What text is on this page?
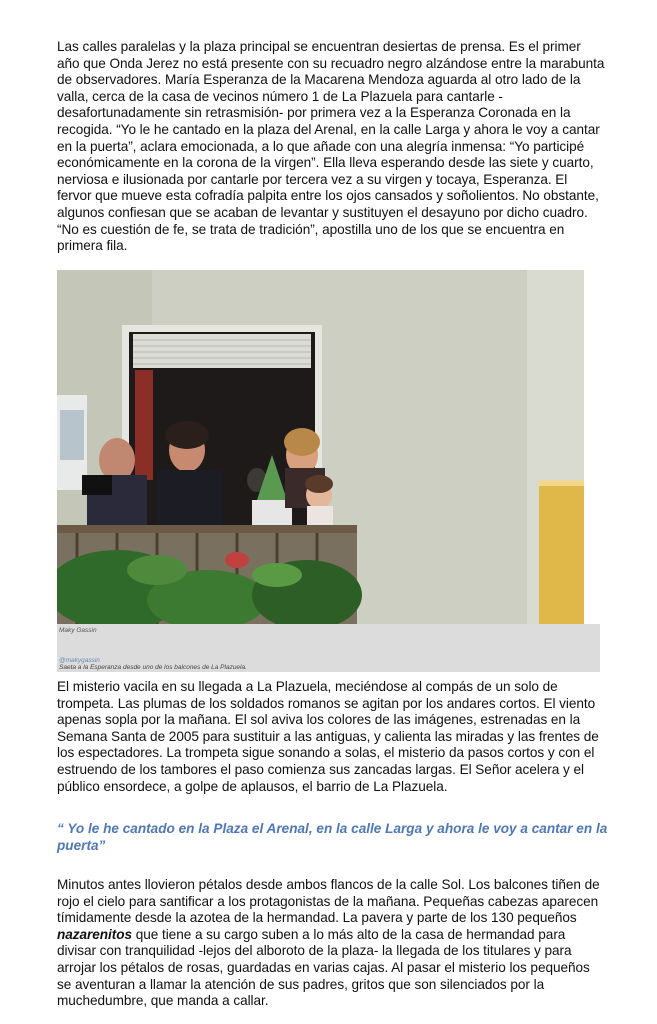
Las calles paralelas y la plaza principal se encuentran desiertas de prensa. Es el primer año que Onda Jerez no está presente con su recuadro negro alzándose entre la marabunta de observadores. María Esperanza de la Macarena Mendoza aguarda al otro lado de la valla, cerca de la casa de vecinos número 1 de La Plazuela para cantarle -desafortunadamente sin retrasmisión- por primera vez a la Esperanza Coronada en la recogida. “Yo le he cantado en la plaza del Arenal, en la calle Larga y ahora le voy a cantar en la puerta”, aclara emocionada, a lo que añade con una alegría inmensa: “Yo participé económicamente en la corona de la virgen”. Ella lleva esperando desde las siete y cuarto, nerviosa e ilusionada por cantarle por tercera vez a su virgen y tocaya, Esperanza. El fervor que mueve esta cofradía palpita entre los ojos cansados y soñolientos. No obstante, algunos confiesan que se acaban de levantar y sustituyen el desayuno por dicho cuadro. “No es cuestión de fe, se trata de tradición”, apostilla uno de los que se encuentra en primera fila.

Maky Gassin
@makygassin
Saeta a la Esperanza desde uno de los balcones de La Plazuela.

El misterio vacila en su llegada a La Plazuela, meciéndose al compás de un solo de trompeta. Las plumas de los soldados romanos se agitan por los andares cortos. El viento apenas sopla por la mañana. El sol aviva los colores de las imágenes, estrenadas en la Semana Santa de 2005 para sustituir a las antiguas, y calienta las miradas y las frentes de los espectadores. La trompeta sigue sonando a solas, el misterio da pasos cortos y con el estruendo de los tambores el paso comienza sus zancadas largas. El Señor acelera y el público ensordece, a golpe de aplausos, el barrio de La Plazuela.

“ Yo le he cantado en la Plaza el Arenal, en la calle Larga y ahora le voy a cantar en la puerta”

Minutos antes llovieron pétalos desde ambos flancos de la calle Sol. Los balcones tiñen de rojo el cielo para santificar a los protagonistas de la mañana. Pequeñas cabezas aparecen tímidamente desde la azotea de la hermandad. La pavera y parte de los 130 pequeños nazarenitos que tiene a su cargo suben a lo más alto de la casa de hermandad para divisar con tranquilidad -lejos del alboroto de la plaza- la llegada de los titulares y para arrojar los pétalos de rosas, guardadas en varias cajas. Al pasar el misterio los pequeños se aventuran a llamar la atención de sus padres, gritos que son silenciados por la muchedumbre, que manda a callar.
